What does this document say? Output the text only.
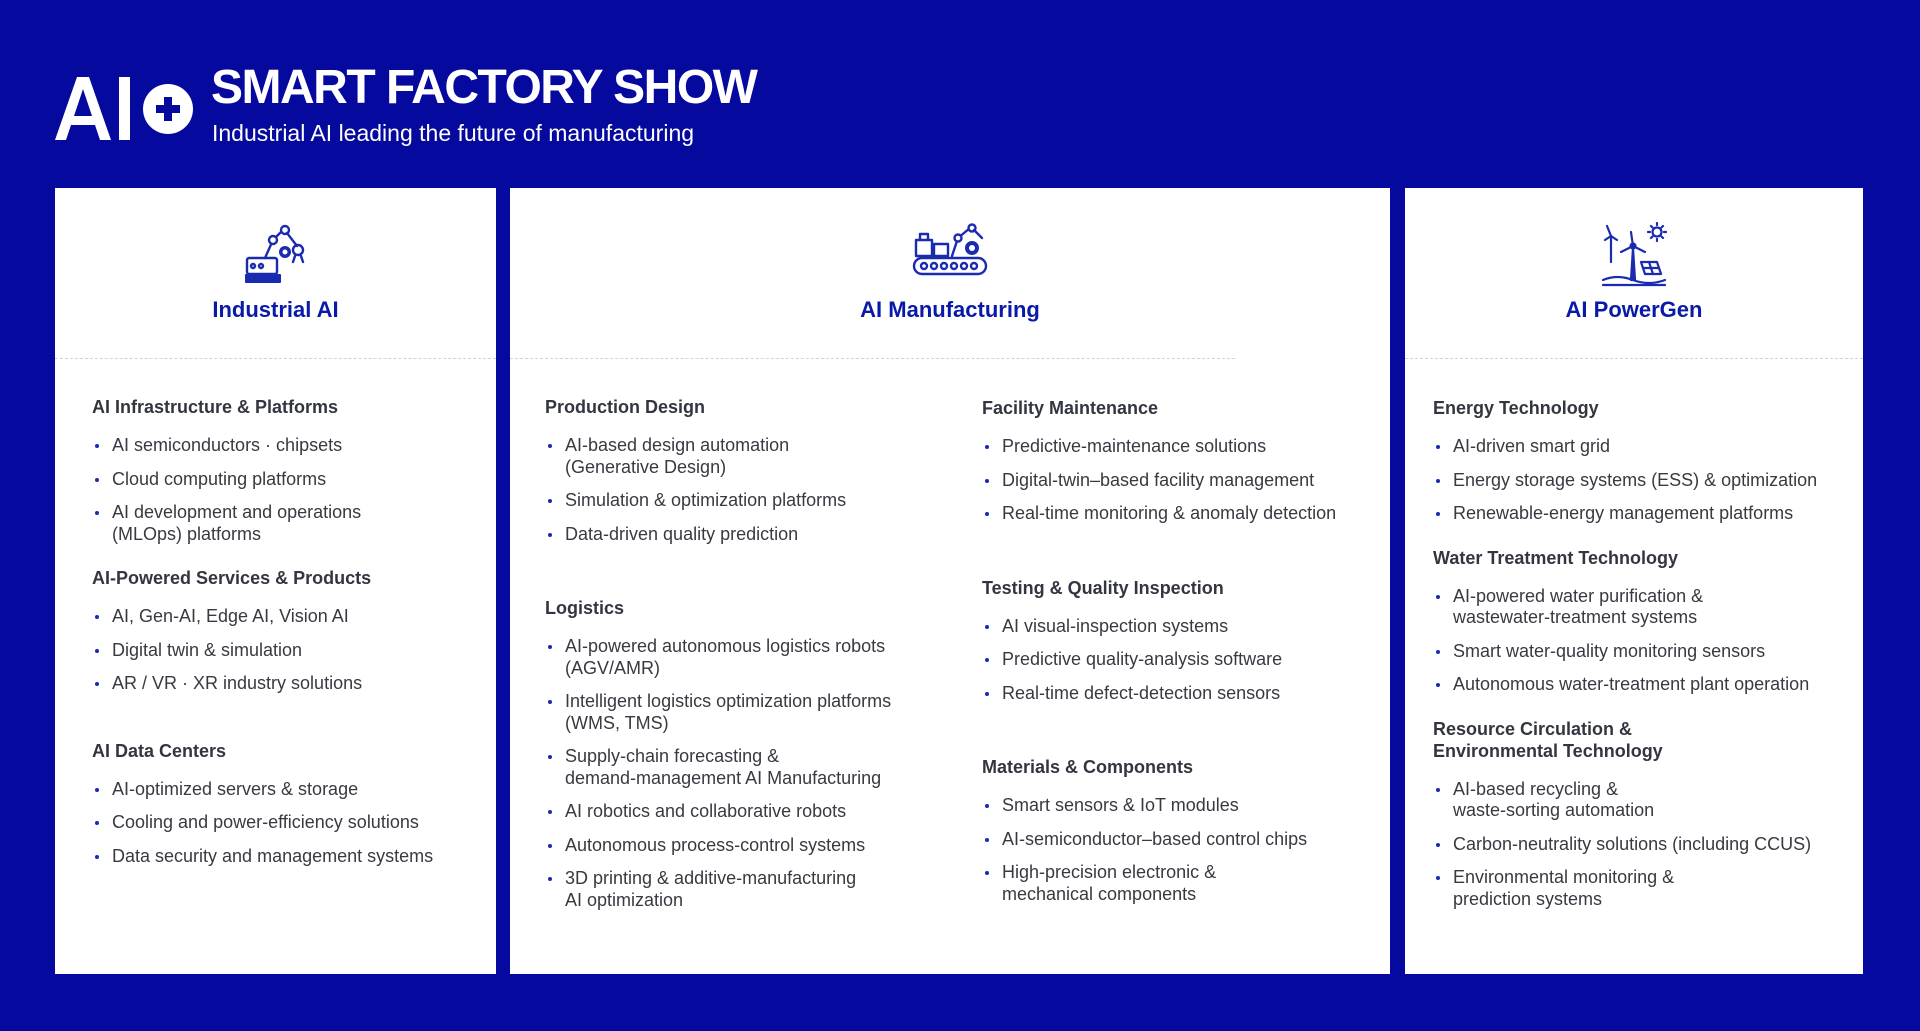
SMART FACTORY SHOW
Industrial AI leading the future of manufacturing
Industrial AI
AI Infrastructure & Platforms
AI semiconductors · chipsets
Cloud computing platforms
AI development and operations
(MLOps) platforms
AI-Powered Services & Products
AI, Gen-AI, Edge AI, Vision AI
Digital twin & simulation
AR / VR · XR industry solutions
AI Data Centers
AI-optimized servers & storage
Cooling and power-efficiency solutions
Data security and management systems
AI Manufacturing
Production Design
AI-based design automation
(Generative Design)
Simulation & optimization platforms
Data-driven quality prediction
Logistics
AI-powered autonomous logistics robots
(AGV/AMR)
Intelligent logistics optimization platforms
(WMS, TMS)
Supply-chain forecasting &
demand-management AI Manufacturing
AI robotics and collaborative robots
Autonomous process-control systems
3D printing & additive-manufacturing
AI optimization
Facility Maintenance
Predictive-maintenance solutions
Digital-twin–based facility management
Real-time monitoring & anomaly detection
Testing & Quality Inspection
AI visual-inspection systems
Predictive quality-analysis software
Real-time defect-detection sensors
Materials & Components
Smart sensors & IoT modules
AI-semiconductor–based control chips
High-precision electronic &
mechanical components
AI PowerGen
Energy Technology
AI-driven smart grid
Energy storage systems (ESS) & optimization
Renewable-energy management platforms
Water Treatment Technology
AI-powered water purification &
wastewater-treatment systems
Smart water-quality monitoring sensors
Autonomous water-treatment plant operation
Resource Circulation &
Environmental Technology
AI-based recycling &
waste-sorting automation
Carbon-neutrality solutions (including CCUS)
Environmental monitoring &
prediction systems
